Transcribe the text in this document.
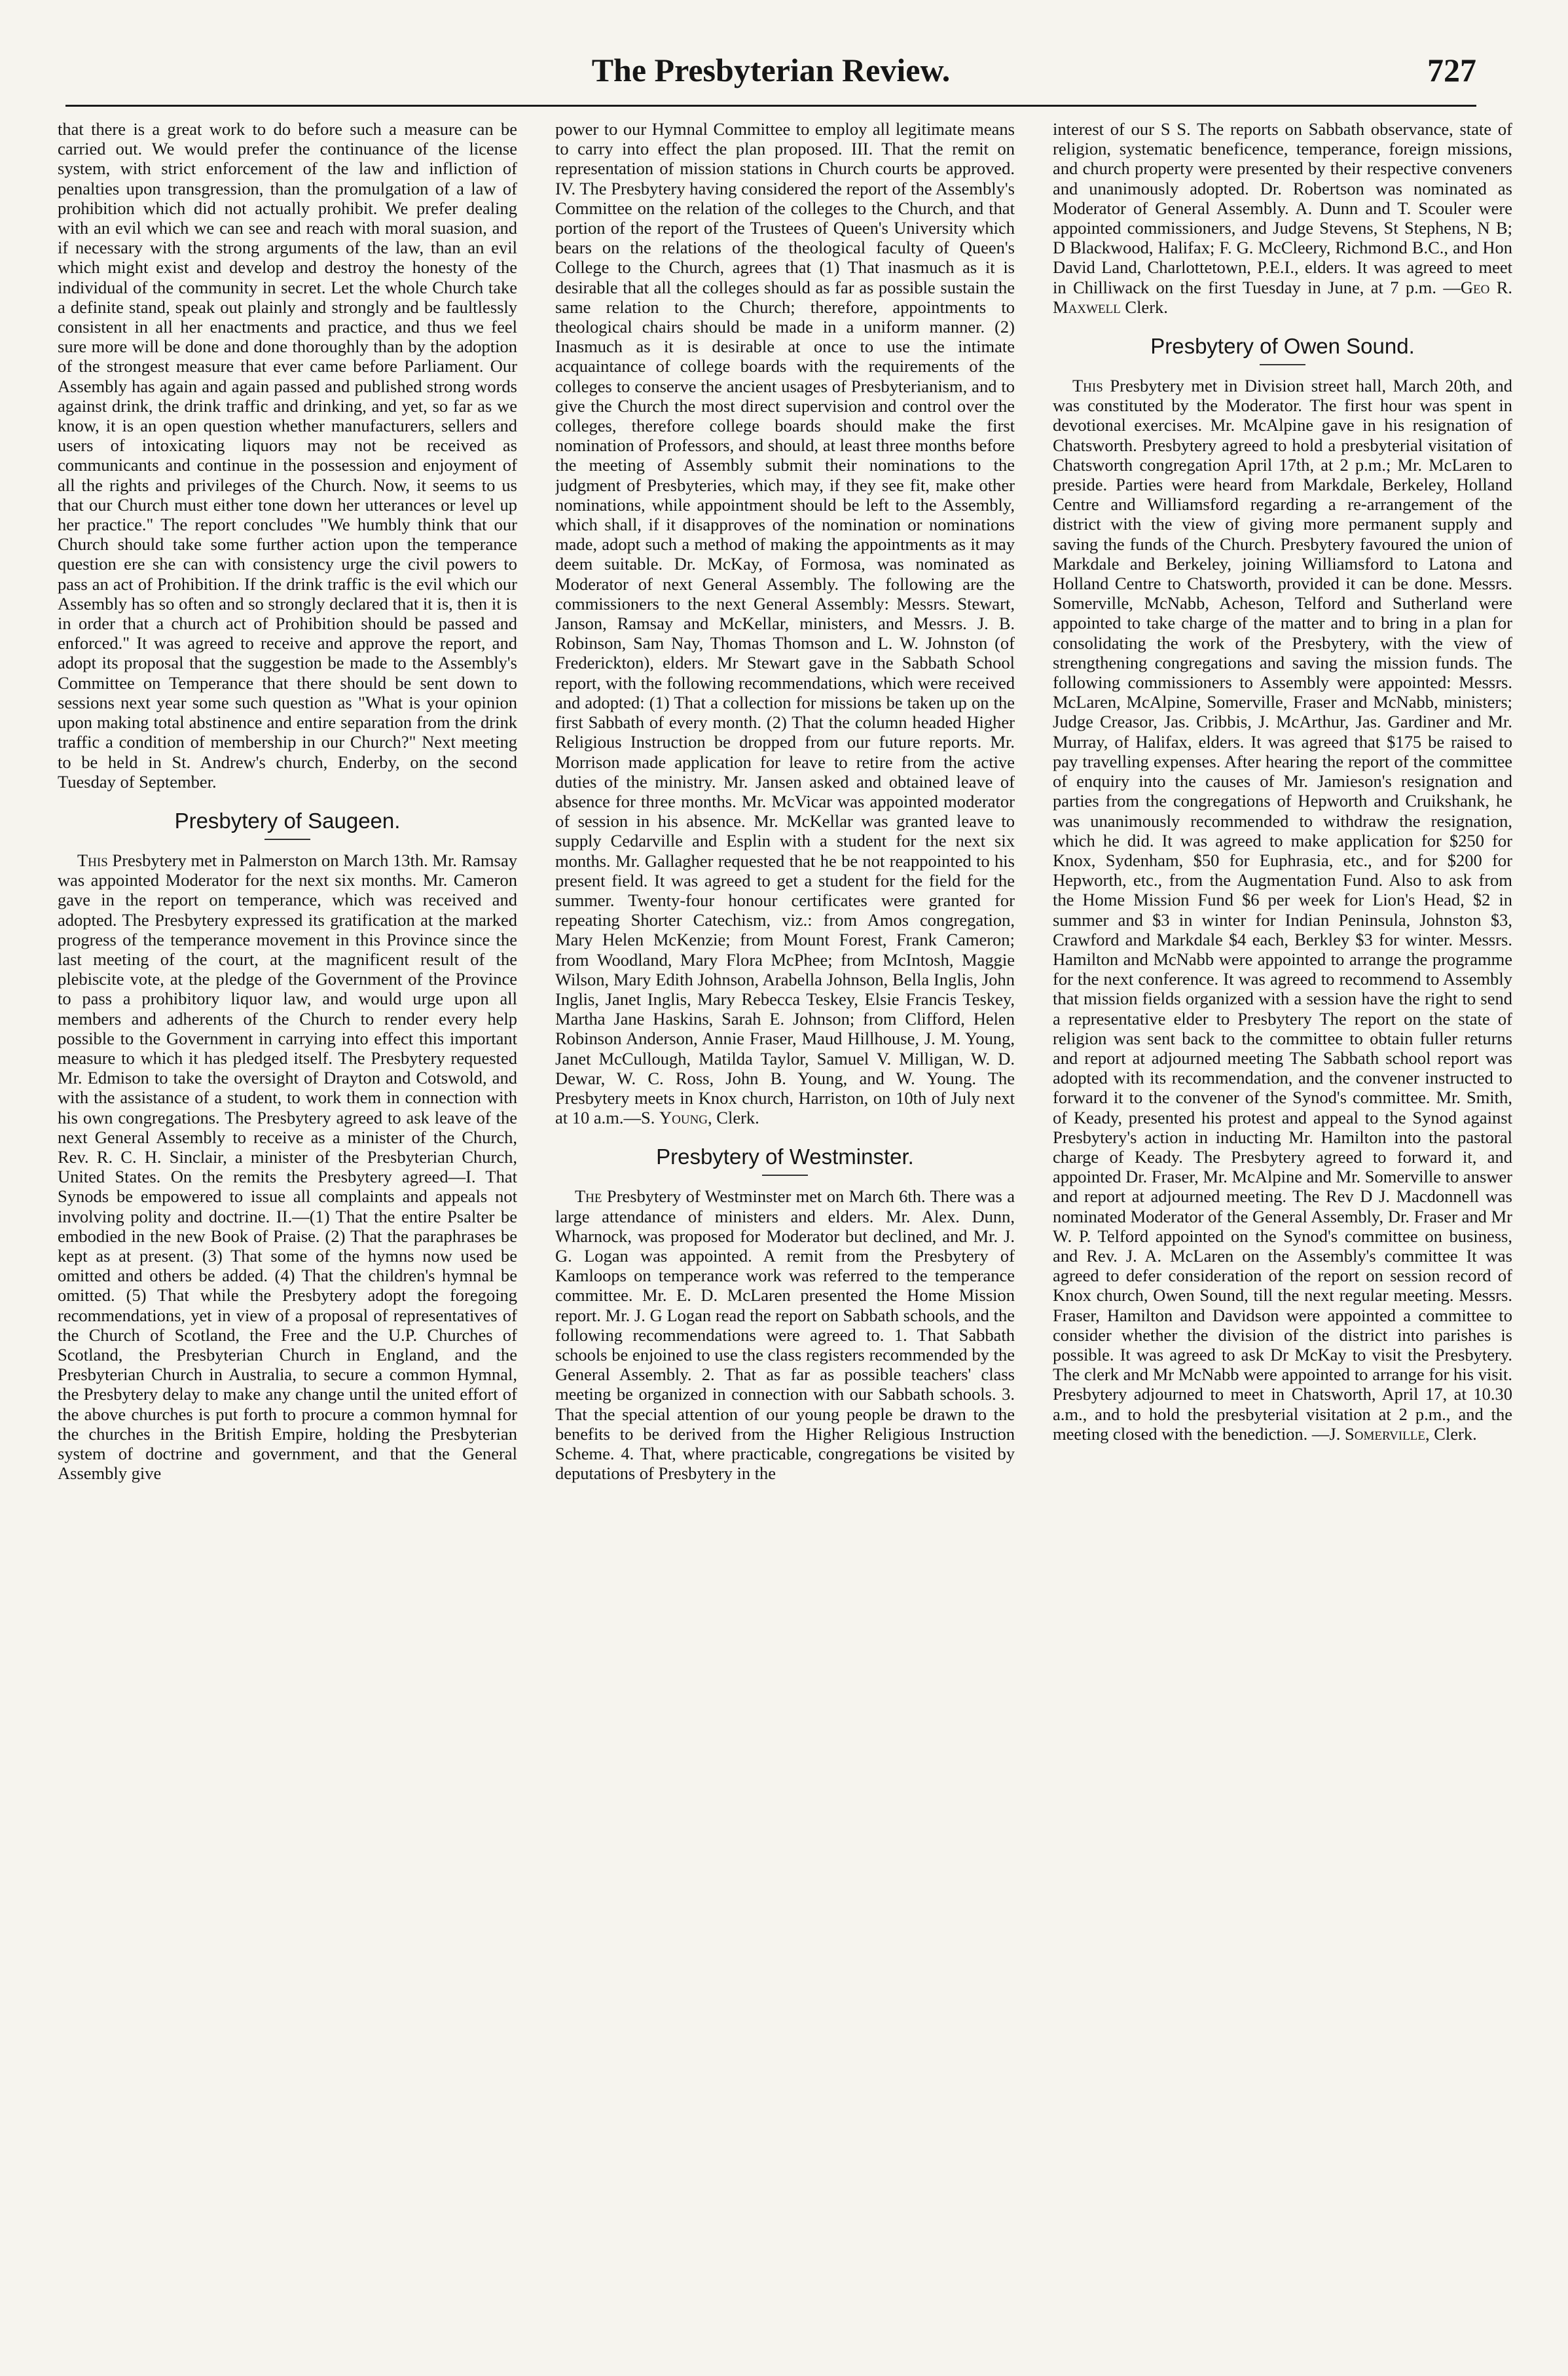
The Presbyterian Review.	727

that there is a great work to do before such a measure can be carried out. We would prefer the continuance of the license system, with strict enforcement of the law and infliction of penalties upon transgression, than the promulgation of a law of prohibition which did not actually prohibit. We prefer dealing with an evil which we can see and reach with moral suasion, and if necessary with the strong arguments of the law, than an evil which might exist and develop and destroy the honesty of the individual of the community in secret. Let the whole Church take a definite stand, speak out plainly and strongly and be faultlessly consistent in all her enactments and practice, and thus we feel sure more will be done and done thoroughly than by the adoption of the strongest measure that ever came before Parliament. Our Assembly has again and again passed and published strong words against drink, the drink traffic and drinking, and yet, so far as we know, it is an open question whether manufacturers, sellers and users of intoxicating liquors may not be received as communicants and continue in the possession and enjoyment of all the rights and privileges of the Church. Now, it seems to us that our Church must either tone down her utterances or level up her practice." The report concludes "We humbly think that our Church should take some further action upon the temperance question ere she can with consistency urge the civil powers to pass an act of Prohibition. If the drink traffic is the evil which our Assembly has so often and so strongly declared that it is, then it is in order that a church act of Prohibition should be passed and enforced." It was agreed to receive and approve the report, and adopt its proposal that the suggestion be made to the Assembly's Committee on Temperance that there should be sent down to sessions next year some such question as "What is your opinion upon making total abstinence and entire separation from the drink traffic a condition of membership in our Church?" Next meeting to be held in St. Andrew's church, Enderby, on the second Tuesday of September.

Presbytery of Saugeen.

This Presbytery met in Palmerston on March 13th. Mr. Ramsay was appointed Moderator for the next six months. Mr. Cameron gave in the report on temperance, which was received and adopted. The Presbytery expressed its gratification at the marked progress of the temperance movement in this Province since the last meeting of the court, at the magnificent result of the plebiscite vote, at the pledge of the Government of the Province to pass a prohibitory liquor law, and would urge upon all members and adherents of the Church to render every help possible to the Government in carrying into effect this important measure to which it has pledged itself. The Presbytery requested Mr. Edmison to take the oversight of Drayton and Cotswold, and with the assistance of a student, to work them in connection with his own congregations. The Presbytery agreed to ask leave of the next General Assembly to receive as a minister of the Church, Rev. R. C. H. Sinclair, a minister of the Presbyterian Church, United States. On the remits the Presbytery agreed—I. That Synods be empowered to issue all complaints and appeals not involving polity and doctrine. II.—(1) That the entire Psalter be embodied in the new Book of Praise. (2) That the paraphrases be kept as at present. (3) That some of the hymns now used be omitted and others be added. (4) That the children's hymnal be omitted. (5) That while the Presbytery adopt the foregoing recommendations, yet in view of a proposal of representatives of the Church of Scotland, the Free and the U.P. Churches of Scotland, the Presbyterian Church in England, and the Presbyterian Church in Australia, to secure a common Hymnal, the Presbytery delay to make any change until the united effort of the above churches is put forth to procure a common hymnal for the churches in the British Empire, holding the Presbyterian system of doctrine and government, and that the General Assembly give

power to our Hymnal Committee to employ all legitimate means to carry into effect the plan proposed. III. That the remit on representation of mission stations in Church courts be approved. IV. The Presbytery having considered the report of the Assembly's Committee on the relation of the colleges to the Church, and that portion of the report of the Trustees of Queen's University which bears on the relations of the theological faculty of Queen's College to the Church, agrees that (1) That inasmuch as it is desirable that all the colleges should as far as possible sustain the same relation to the Church; therefore, appointments to theological chairs should be made in a uniform manner. (2) Inasmuch as it is desirable at once to use the intimate acquaintance of college boards with the requirements of the colleges to conserve the ancient usages of Presbyterianism, and to give the Church the most direct supervision and control over the colleges, therefore college boards should make the first nomination of Professors, and should, at least three months before the meeting of Assembly submit their nominations to the judgment of Presbyteries, which may, if they see fit, make other nominations, while appointment should be left to the Assembly, which shall, if it disapproves of the nomination or nominations made, adopt such a method of making the appointments as it may deem suitable. Dr. McKay, of Formosa, was nominated as Moderator of next General Assembly. The following are the commissioners to the next General Assembly: Messrs. Stewart, Janson, Ramsay and McKellar, ministers, and Messrs. J. B. Robinson, Sam Nay, Thomas Thomson and L. W. Johnston (of Frederickton), elders. Mr Stewart gave in the Sabbath School report, with the following recommendations, which were received and adopted: (1) That a collection for missions be taken up on the first Sabbath of every month. (2) That the column headed Higher Religious Instruction be dropped from our future reports. Mr. Morrison made application for leave to retire from the active duties of the ministry. Mr. Jansen asked and obtained leave of absence for three months. Mr. McVicar was appointed moderator of session in his absence. Mr. McKellar was granted leave to supply Cedarville and Esplin with a student for the next six months. Mr. Gallagher requested that he be not reappointed to his present field. It was agreed to get a student for the field for the summer. Twenty-four honour certificates were granted for repeating Shorter Catechism, viz.: from Amos congregation, Mary Helen McKenzie; from Mount Forest, Frank Cameron; from Woodland, Mary Flora McPhee; from McIntosh, Maggie Wilson, Mary Edith Johnson, Arabella Johnson, Bella Inglis, John Inglis, Janet Inglis, Mary Rebecca Teskey, Elsie Francis Teskey, Martha Jane Haskins, Sarah E. Johnson; from Clifford, Helen Robinson Anderson, Annie Fraser, Maud Hillhouse, J. M. Young, Janet McCullough, Matilda Taylor, Samuel V. Milligan, W. D. Dewar, W. C. Ross, John B. Young, and W. Young. The Presbytery meets in Knox church, Harriston, on 10th of July next at 10 a.m.—S. Young, Clerk.

Presbytery of Westminster.

The Presbytery of Westminster met on March 6th. There was a large attendance of ministers and elders. Mr. Alex. Dunn, Wharnock, was proposed for Moderator but declined, and Mr. J. G. Logan was appointed. A remit from the Presbytery of Kamloops on temperance work was referred to the temperance committee. Mr. E. D. McLaren presented the Home Mission report. Mr. J. G Logan read the report on Sabbath schools, and the following recommendations were agreed to. 1. That Sabbath schools be enjoined to use the class registers recommended by the General Assembly. 2. That as far as possible teachers' class meeting be organized in connection with our Sabbath schools. 3. That the special attention of our young people be drawn to the benefits to be derived from the Higher Religious Instruction Scheme. 4. That, where practicable, congregations be visited by deputations of Presbytery in the

interest of our S S. The reports on Sabbath observance, state of religion, systematic beneficence, temperance, foreign missions, and church property were presented by their respective conveners and unanimously adopted. Dr. Robertson was nominated as Moderator of General Assembly. A. Dunn and T. Scouler were appointed commissioners, and Judge Stevens, St Stephens, N B; D Blackwood, Halifax; F. G. McCleery, Richmond B.C., and Hon David Land, Charlottetown, P.E.I., elders. It was agreed to meet in Chilliwack on the first Tuesday in June, at 7 p.m. —Geo R. Maxwell Clerk.

Presbytery of Owen Sound.

This Presbytery met in Division street hall, March 20th, and was constituted by the Moderator. The first hour was spent in devotional exercises. Mr. McAlpine gave in his resignation of Chatsworth. Presbytery agreed to hold a presbyterial visitation of Chatsworth congregation April 17th, at 2 p.m.; Mr. McLaren to preside. Parties were heard from Markdale, Berkeley, Holland Centre and Williamsford regarding a re-arrangement of the district with the view of giving more permanent supply and saving the funds of the Church. Presbytery favoured the union of Markdale and Berkeley, joining Williamsford to Latona and Holland Centre to Chatsworth, provided it can be done. Messrs. Somerville, McNabb, Acheson, Telford and Sutherland were appointed to take charge of the matter and to bring in a plan for consolidating the work of the Presbytery, with the view of strengthening congregations and saving the mission funds. The following commissioners to Assembly were appointed: Messrs. McLaren, McAlpine, Somerville, Fraser and McNabb, ministers; Judge Creasor, Jas. Cribbis, J. McArthur, Jas. Gardiner and Mr. Murray, of Halifax, elders. It was agreed that $175 be raised to pay travelling expenses. After hearing the report of the committee of enquiry into the causes of Mr. Jamieson's resignation and parties from the congregations of Hepworth and Cruikshank, he was unanimously recommended to withdraw the resignation, which he did. It was agreed to make application for $250 for Knox, Sydenham, $50 for Euphrasia, etc., and for $200 for Hepworth, etc., from the Augmentation Fund. Also to ask from the Home Mission Fund $6 per week for Lion's Head, $2 in summer and $3 in winter for Indian Peninsula, Johnston $3, Crawford and Markdale $4 each, Berkley $3 for winter. Messrs. Hamilton and McNabb were appointed to arrange the programme for the next conference. It was agreed to recommend to Assembly that mission fields organized with a session have the right to send a representative elder to Presbytery The report on the state of religion was sent back to the committee to obtain fuller returns and report at adjourned meeting The Sabbath school report was adopted with its recommendation, and the convener instructed to forward it to the convener of the Synod's committee. Mr. Smith, of Keady, presented his protest and appeal to the Synod against Presbytery's action in inducting Mr. Hamilton into the pastoral charge of Keady. The Presbytery agreed to forward it, and appointed Dr. Fraser, Mr. McAlpine and Mr. Somerville to answer and report at adjourned meeting. The Rev D J. Macdonnell was nominated Moderator of the General Assembly, Dr. Fraser and Mr W. P. Telford appointed on the Synod's committee on business, and Rev. J. A. McLaren on the Assembly's committee It was agreed to defer consideration of the report on session record of Knox church, Owen Sound, till the next regular meeting. Messrs. Fraser, Hamilton and Davidson were appointed a committee to consider whether the division of the district into parishes is possible. It was agreed to ask Dr McKay to visit the Presbytery. The clerk and Mr McNabb were appointed to arrange for his visit. Presbytery adjourned to meet in Chatsworth, April 17, at 10.30 a.m., and to hold the presbyterial visitation at 2 p.m., and the meeting closed with the benediction. —J. Somerville, Clerk.
